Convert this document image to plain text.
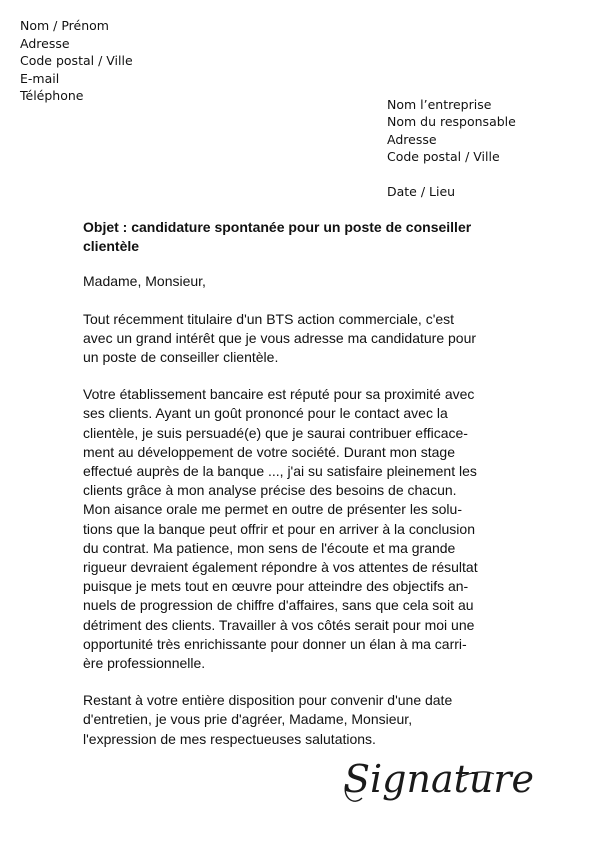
Nom / Prénom
Adresse
Code postal / Ville
E-mail
Téléphone
Nom l’entreprise
Nom du responsable
Adresse
Code postal / Ville
Date / Lieu
Objet : candidature spontanée pour un poste de conseiller clientèle
Madame, Monsieur,
Tout récemment titulaire d'un BTS action commerciale, c'est
avec un grand intérêt que je vous adresse ma candidature pour
un poste de conseiller clientèle.
Votre établissement bancaire est réputé pour sa proximité avec
ses clients. Ayant un goût prononcé pour le contact avec la
clientèle, je suis persuadé(e) que je saurai contribuer efficace-
ment au développement de votre société. Durant mon stage
effectué auprès de la banque ..., j'ai su satisfaire pleinement les
clients grâce à mon analyse précise des besoins de chacun.
Mon aisance orale me permet en outre de présenter les solu-
tions que la banque peut offrir et pour en arriver à la conclusion
du contrat. Ma patience, mon sens de l'écoute et ma grande
rigueur devraient également répondre à vos attentes de résultat
puisque je mets tout en œuvre pour atteindre des objectifs an-
nuels de progression de chiffre d'affaires, sans que cela soit au
détriment des clients. Travailler à vos côtés serait pour moi une
opportunité très enrichissante pour donner un élan à ma carri-
ère professionnelle.
Restant à votre entière disposition pour convenir d'une date
d'entretien, je vous prie d'agréer, Madame, Monsieur,
l'expression de mes respectueuses salutations.
Signature
